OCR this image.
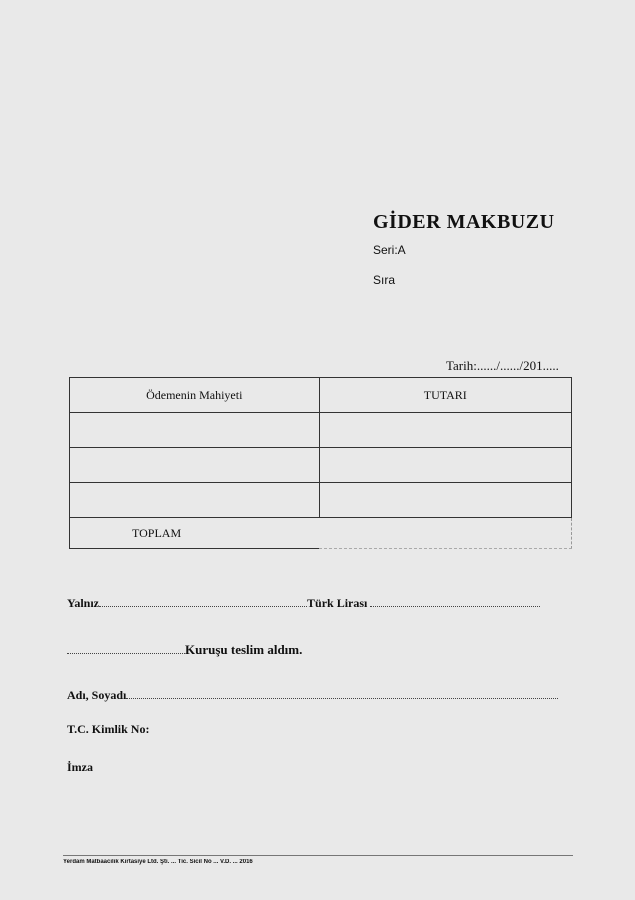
GİDER MAKBUZU
Seri:A
Sıra
Tarih:....../....../201.....
Ödemenin Mahiyeti	TUTARI

TOPLAM	
Yalnız	Türk Lirası
Kuruşu teslim aldım.
Adı, Soyadı
T.C. Kimlik No:
İmza
Yerdam Matbaacılık Kırtasiye Ltd. Şti. ... Tic. Sicil No ... V.D. ... 2016
